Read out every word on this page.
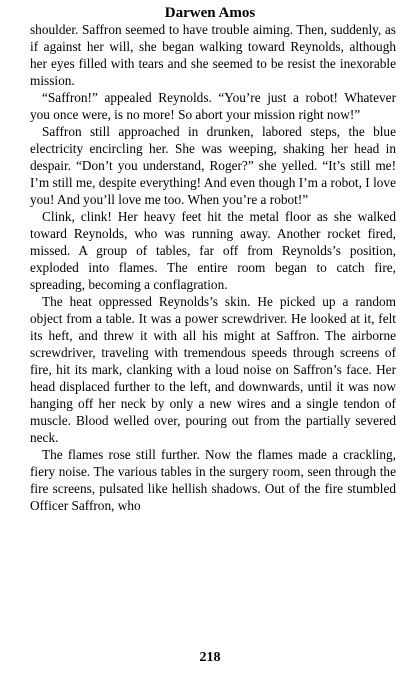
Darwen Amos

shoulder. Saffron seemed to have trouble aiming. Then, suddenly, as if against her will, she began walking toward Reynolds, although her eyes filled with tears and she seemed to be resist the inexorable mission.

“Saffron!” appealed Reynolds. “You’re just a robot! Whatever you once were, is no more! So abort your mission right now!”

Saffron still approached in drunken, labored steps, the blue electricity encircling her. She was weeping, shaking her head in despair. “Don’t you understand, Roger?” she yelled. “It’s still me! I’m still me, despite everything! And even though I’m a robot, I love you! And you’ll love me too. When you’re a robot!”

Clink, clink! Her heavy feet hit the metal floor as she walked toward Reynolds, who was running away. Another rocket fired, missed. A group of tables, far off from Reynolds’s position, exploded into flames. The entire room began to catch fire, spreading, becoming a conflagration.

The heat oppressed Reynolds’s skin. He picked up a random object from a table. It was a power screwdriver. He looked at it, felt its heft, and threw it with all his might at Saffron. The airborne screwdriver, traveling with tremendous speeds through screens of fire, hit its mark, clanking with a loud noise on Saffron’s face. Her head displaced further to the left, and downwards, until it was now hanging off her neck by only a new wires and a single tendon of muscle. Blood welled over, pouring out from the partially severed neck.

The flames rose still further. Now the flames made a crackling, fiery noise. The various tables in the surgery room, seen through the fire screens, pulsated like hellish shadows. Out of the fire stumbled Officer Saffron, who

218
